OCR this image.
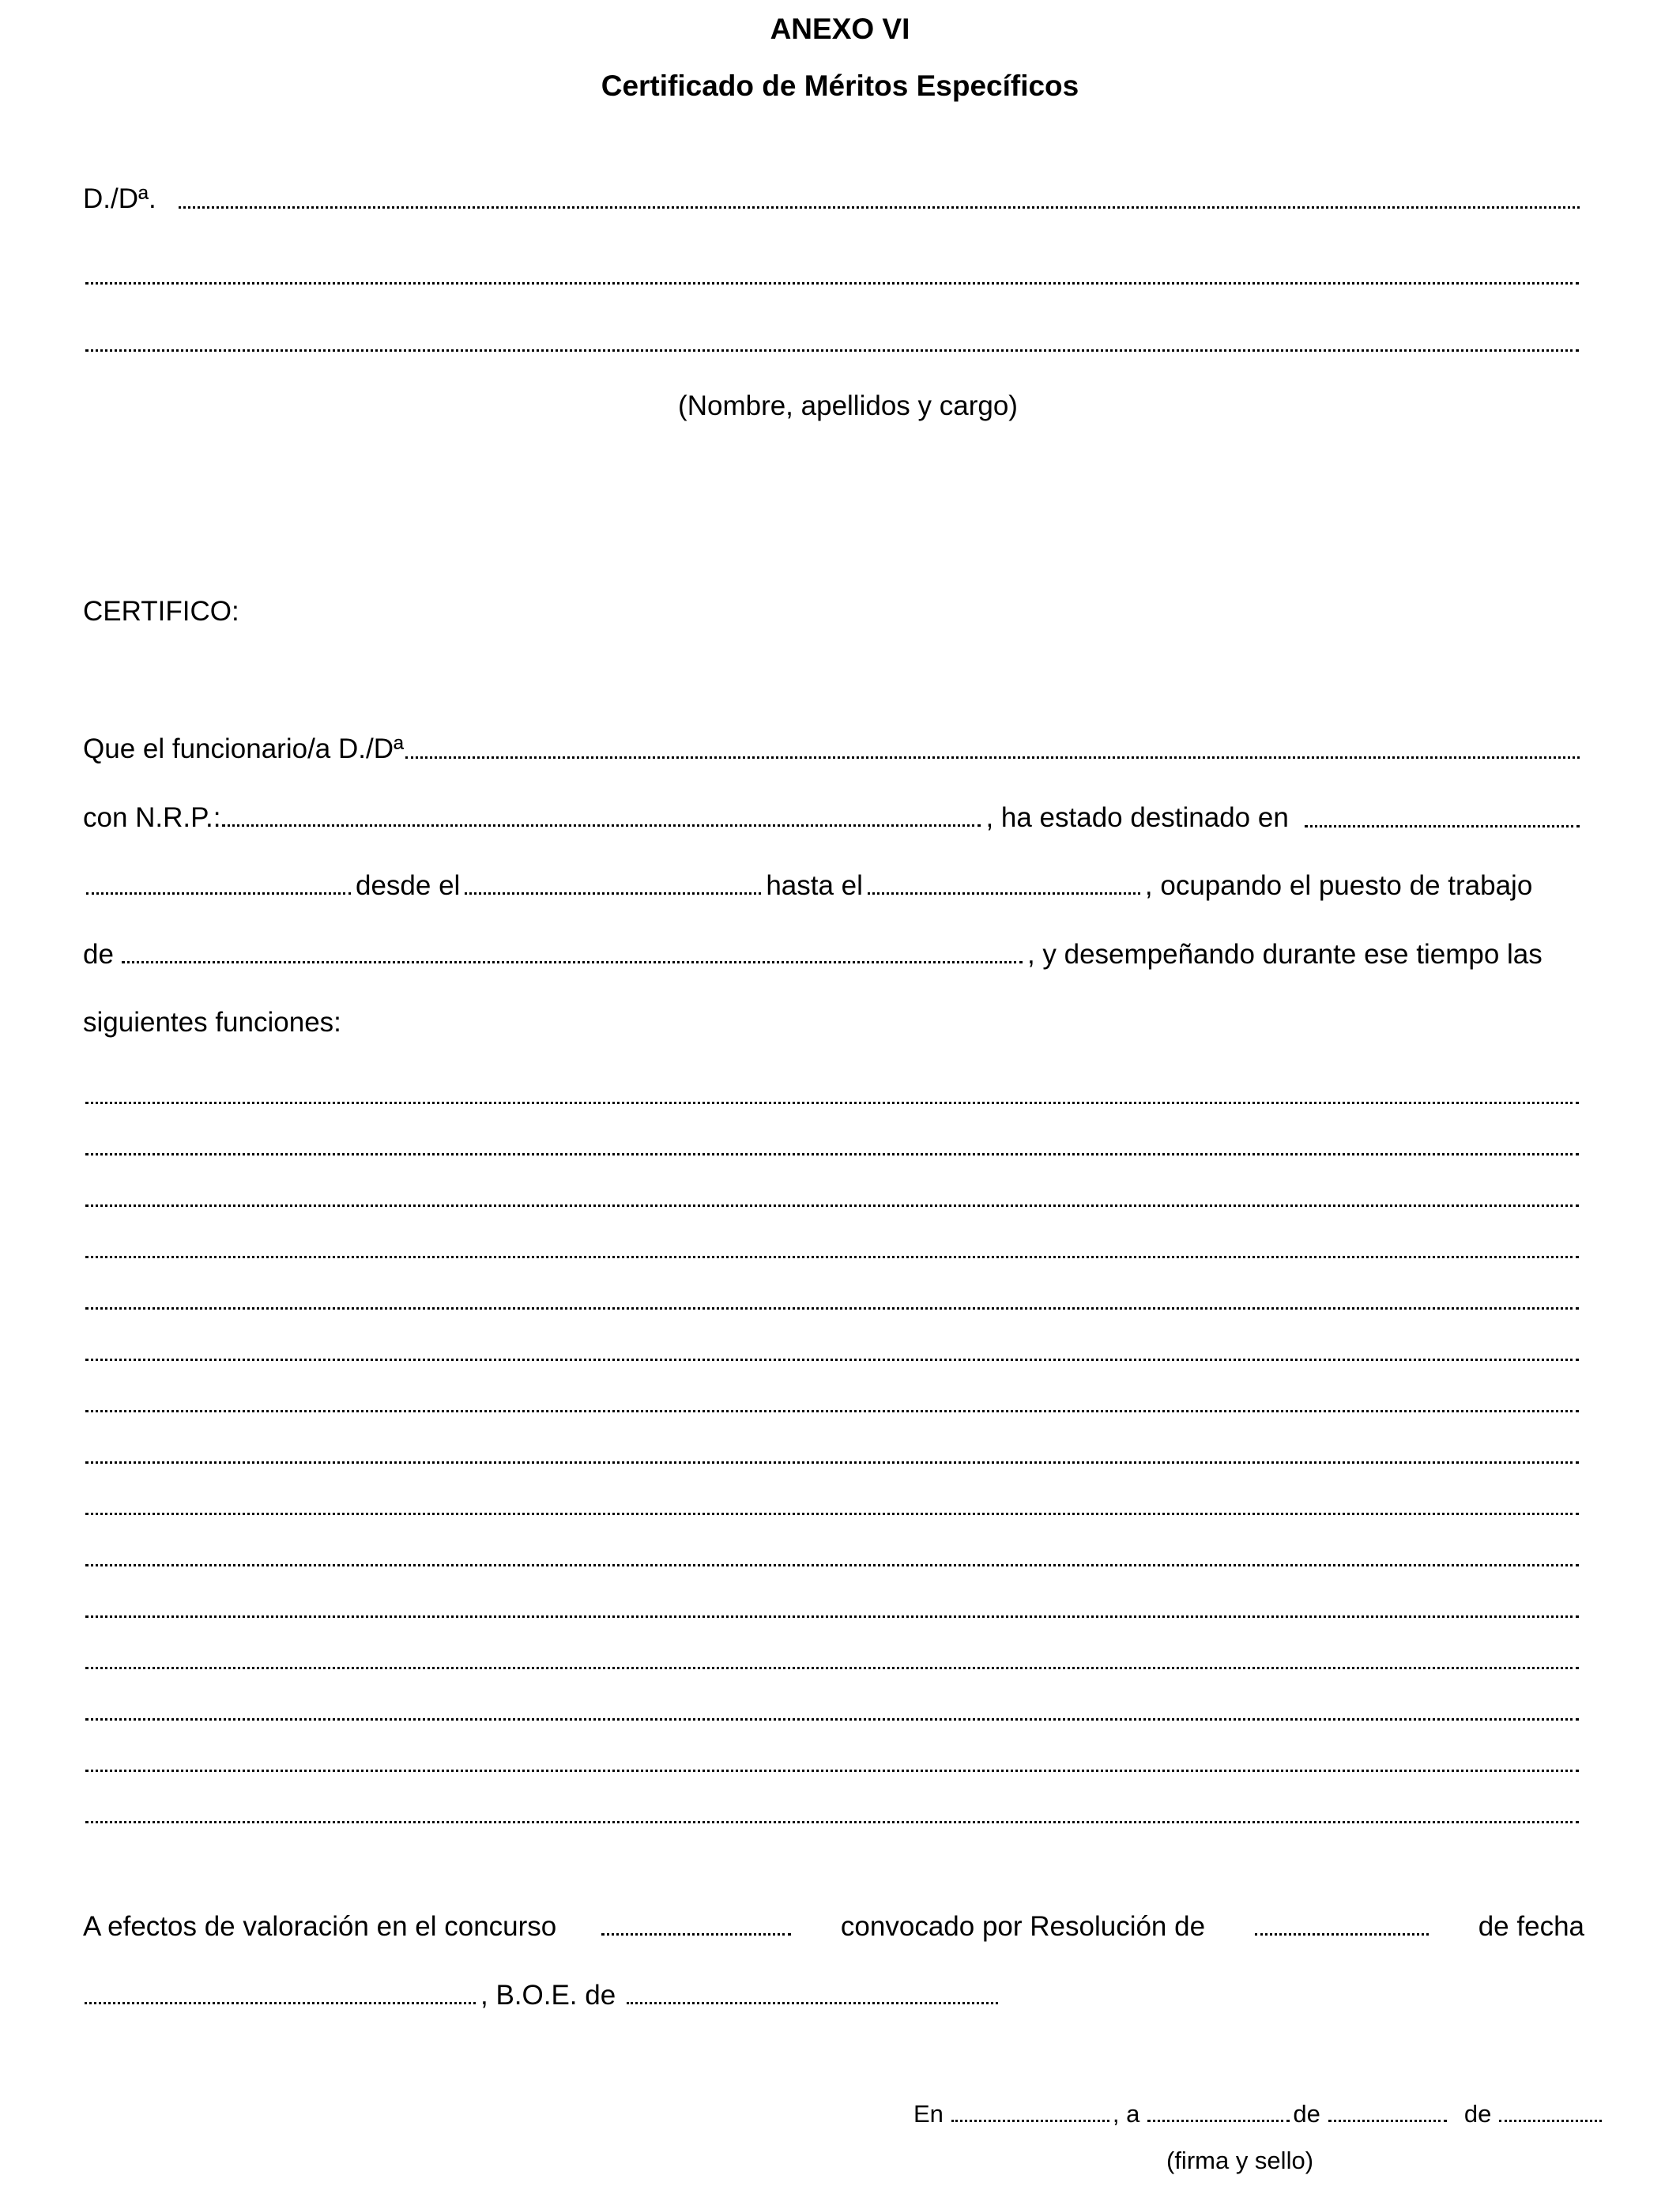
ANEXO VI
Certificado de Méritos Específicos
D./Dª.
(Nombre, apellidos y cargo)
CERTIFICO:
Que el funcionario/a D./Dª
con N.R.P.:	, ha estado destinado en
desde el	hasta el	, ocupando el puesto de trabajo
de	, y desempeñando durante ese tiempo las
siguientes funciones:
A efectos de valoración en el concurso	convocado por Resolución de	de fecha
, B.O.E. de
En	, a	de	de
(firma y sello)
